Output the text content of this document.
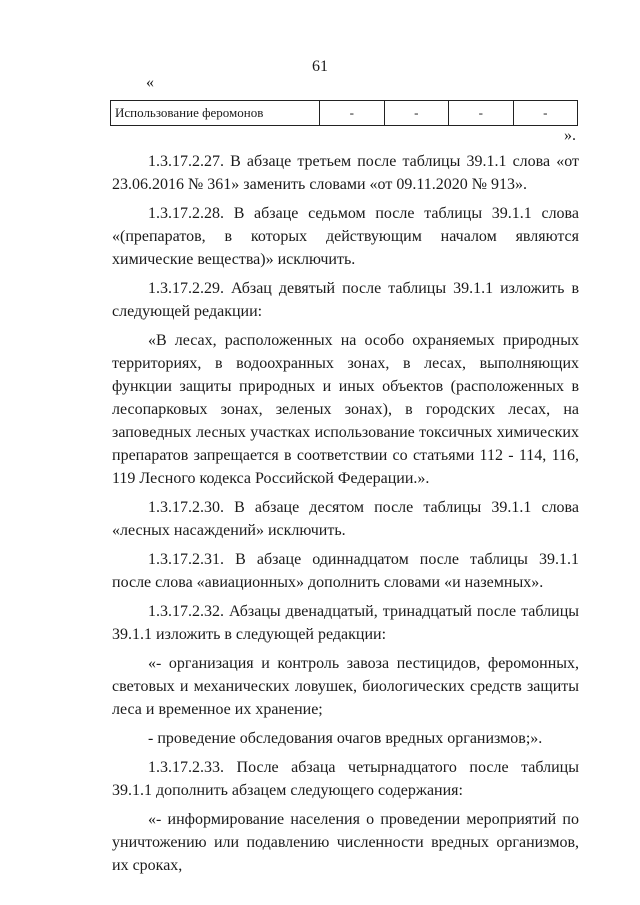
61
«
Использование феромонов	-	-	-	-
».

1.3.17.2.27. В абзаце третьем после таблицы 39.1.1 слова «от 23.06.2016 № 361» заменить словами «от 09.11.2020 № 913».

1.3.17.2.28. В абзаце седьмом после таблицы 39.1.1 слова «(препаратов, в которых действующим началом являются химические вещества)» исключить.

1.3.17.2.29. Абзац девятый после таблицы 39.1.1 изложить в следующей редакции:

«В лесах, расположенных на особо охраняемых природных территориях, в водоохранных зонах, в лесах, выполняющих функции защиты природных и иных объектов (расположенных в лесопарковых зонах, зеленых зонах), в городских лесах, на заповедных лесных участках использование токсичных химических препаратов запрещается в соответствии со статьями 112 - 114, 116, 119 Лесного кодекса Российской Федерации.».

1.3.17.2.30. В абзаце десятом после таблицы 39.1.1 слова «лесных насаждений» исключить.

1.3.17.2.31. В абзаце одиннадцатом после таблицы 39.1.1 после слова «авиационных» дополнить словами «и наземных».

1.3.17.2.32. Абзацы двенадцатый, тринадцатый после таблицы 39.1.1 изложить в следующей редакции:

«- организация и контроль завоза пестицидов, феромонных, световых и механических ловушек, биологических средств защиты леса и временное их хранение;

- проведение обследования очагов вредных организмов;».

1.3.17.2.33. После абзаца четырнадцатого после таблицы 39.1.1 дополнить абзацем следующего содержания:

«- информирование населения о проведении мероприятий по уничтожению или подавлению численности вредных организмов, их сроках,
